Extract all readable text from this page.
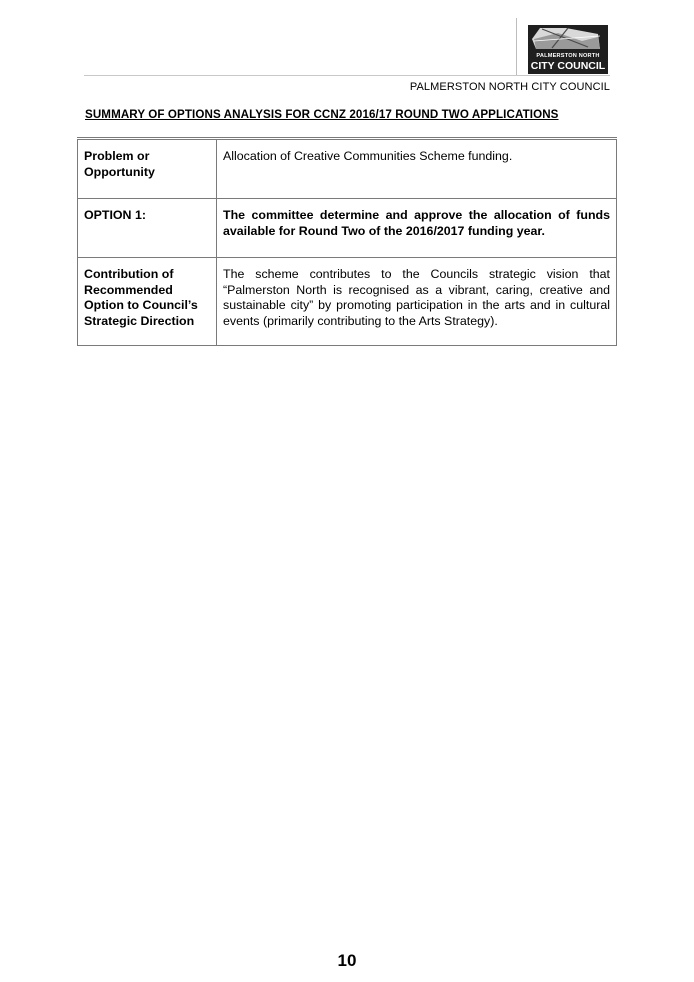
PALMERSTON NORTH
CITY COUNCIL
PALMERSTON NORTH CITY COUNCIL
SUMMARY OF OPTIONS ANALYSIS FOR CCNZ 2016/17 ROUND TWO APPLICATIONS
Problem or Opportunity	Allocation of Creative Communities Scheme funding.
OPTION 1:	The committee determine and approve the allocation of funds available for Round Two of the 2016/2017 funding year.
Contribution of Recommended Option to Council’s Strategic Direction	The scheme contributes to the Councils strategic vision that “Palmerston North is recognised as a vibrant, caring, creative and sustainable city” by promoting participation in the arts and in cultural events (primarily contributing to the Arts Strategy).
10
